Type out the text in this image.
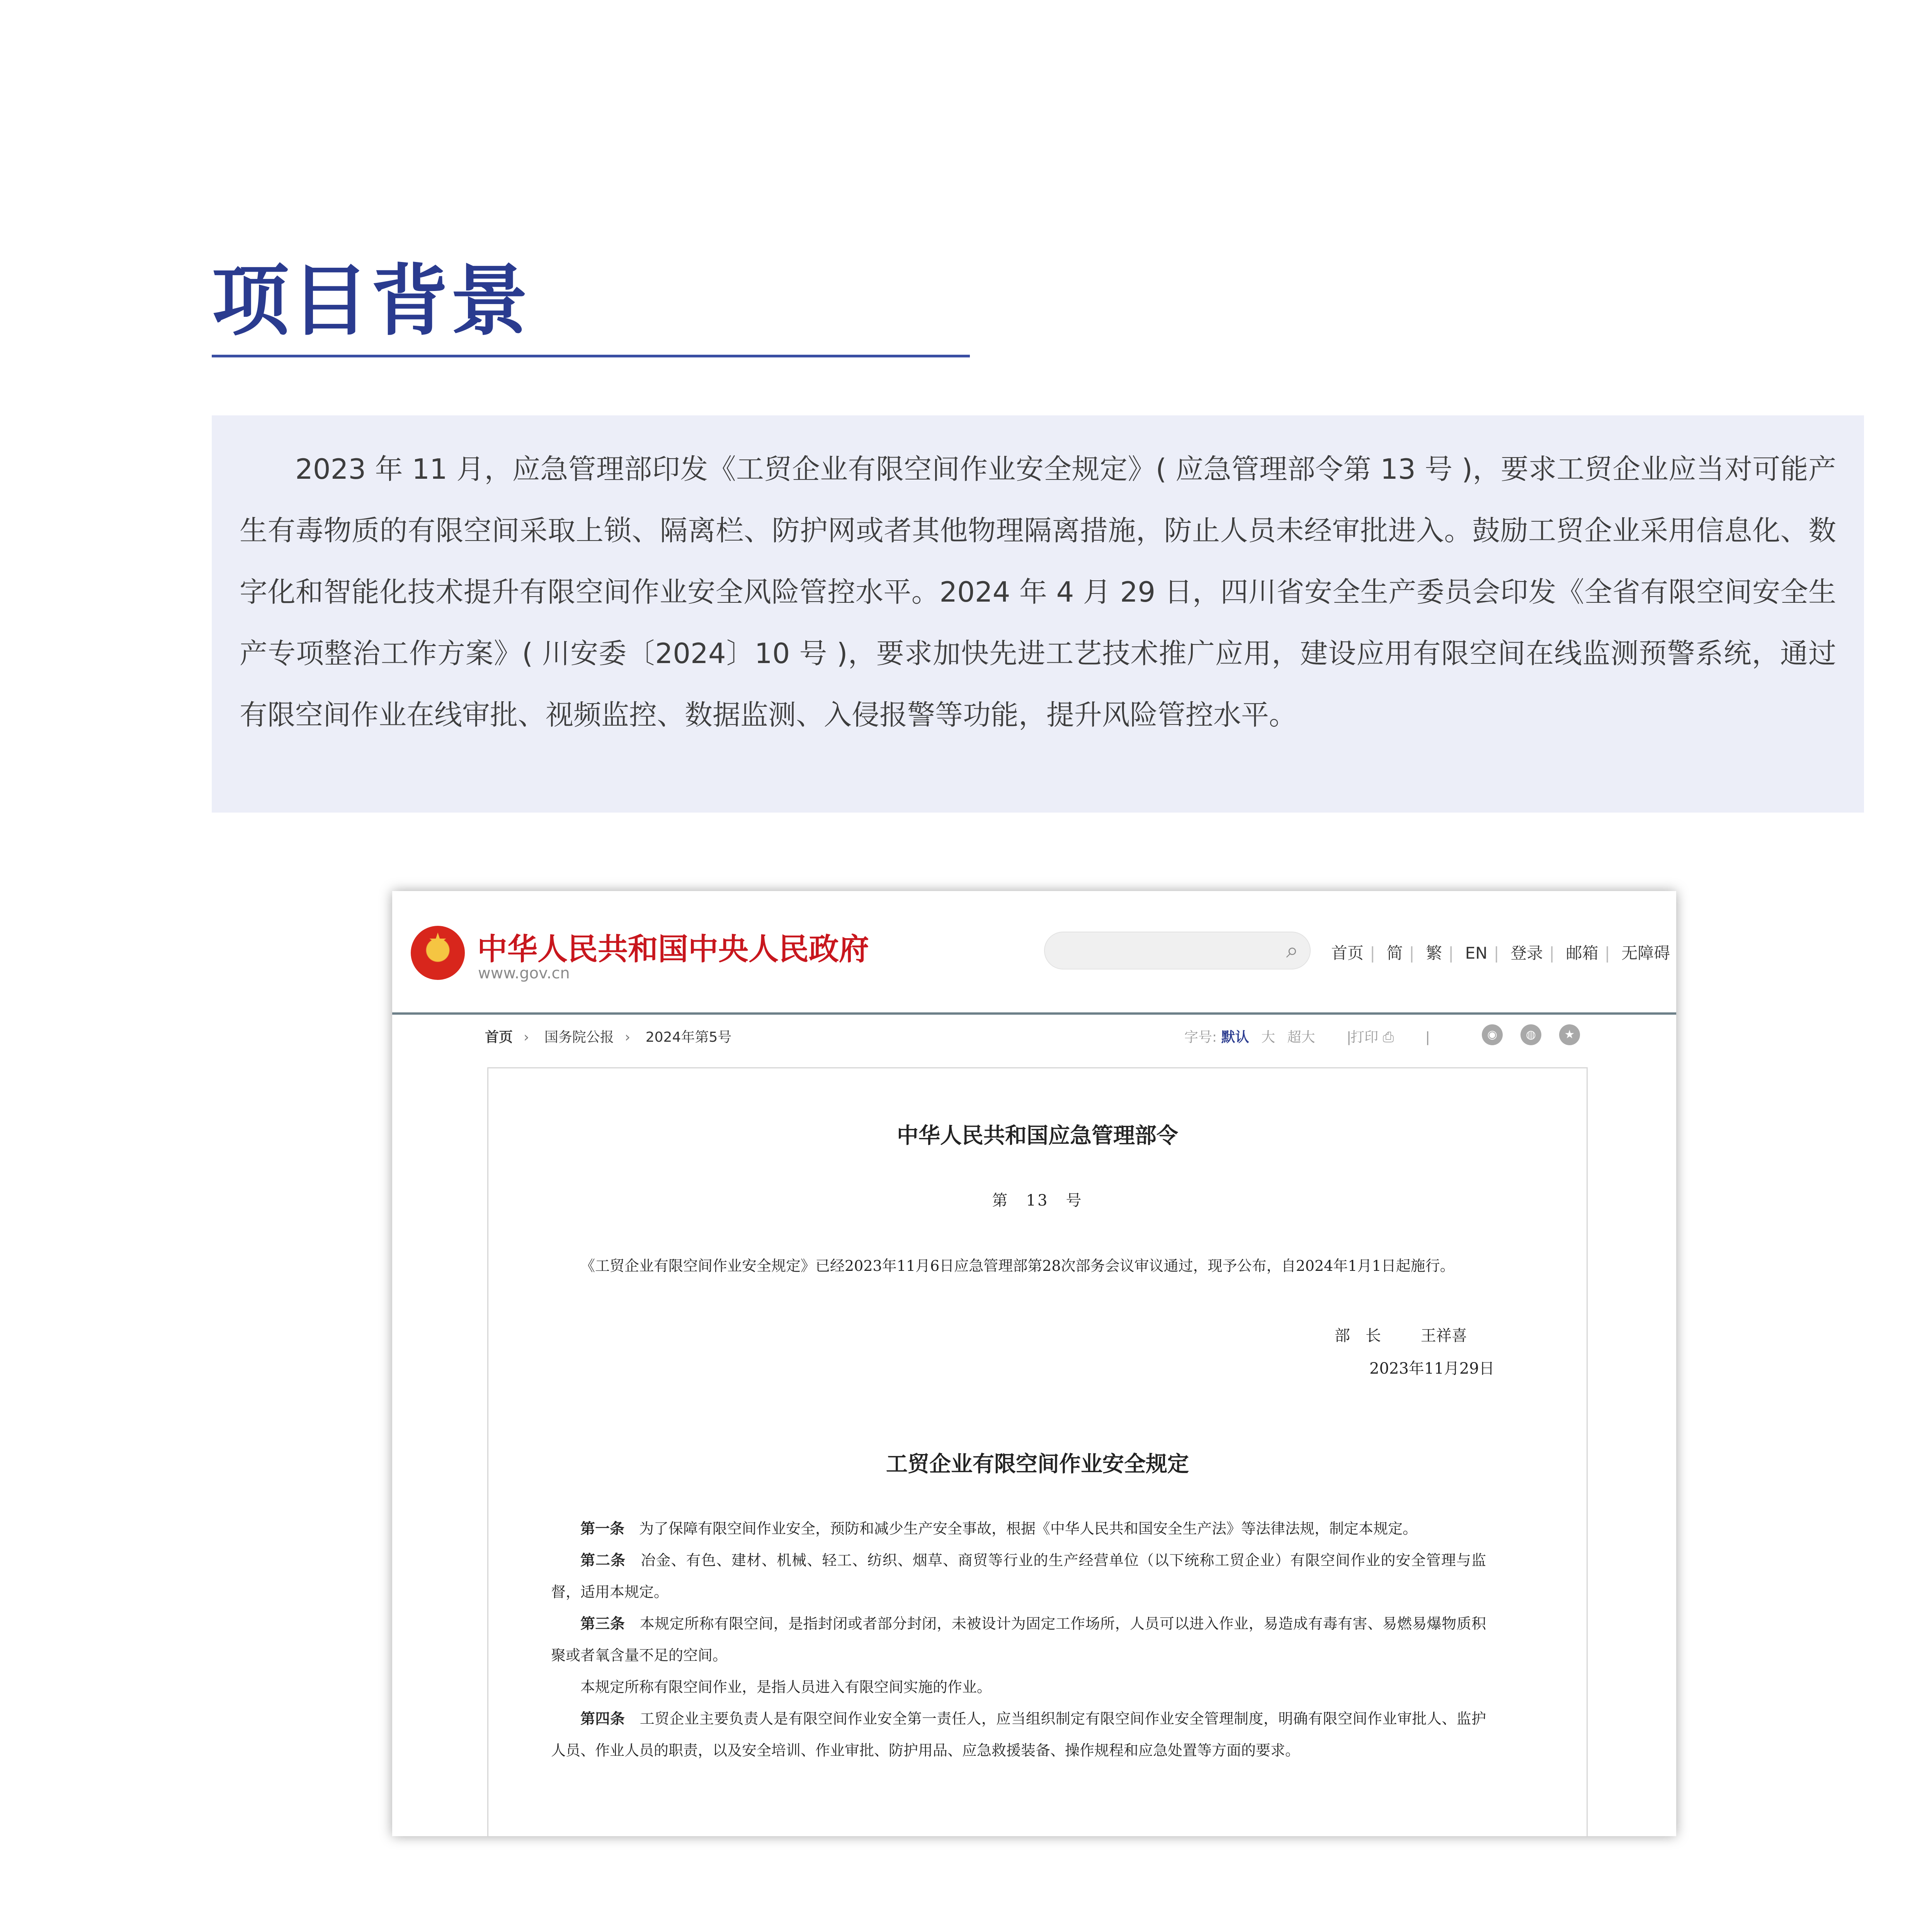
项目背景

2023 年 11 月，应急管理部印发《工贸企业有限空间作业安全规定》( 应急管理部令第 13 号 )，要求工贸企业应当对可能产生有毒物质的有限空间采取上锁、隔离栏、防护网或者其他物理隔离措施，防止人员未经审批进入。鼓励工贸企业采用信息化、数字化和智能化技术提升有限空间作业安全风险管控水平。2024 年 4 月 29 日，四川省安全生产委员会印发《全省有限空间安全生产专项整治工作方案》( 川安委〔2024〕10 号 )，要求加快先进工艺技术推广应用，建设应用有限空间在线监测预警系统，通过有限空间作业在线审批、视频监控、数据监测、入侵报警等功能，提升风险管控水平。

★
中华人民共和国中央人民政府
www.gov.cn
⌕ 首页 | 简 | 繁 | EN | 登录 | 邮箱 | 无障碍
首页 › 国务院公报 › 2024年第5号	字号: 默认 大 超大 |
打印 ⎙ |	◉	◍	★
中华人民共和国应急管理部令
第　13　号

《工贸企业有限空间作业安全规定》已经2023年11月6日应急管理部第28次部务会议审议通过，现予公布，自2024年1月1日起施行。

部　长	王祥喜
2023年11月29日
工贸企业有限空间作业安全规定

第一条　 为了保障有限空间作业安全，预防和减少生产安全事故，根据《中华人民共和国安全生产法》等法律法规，制定本规定。

第二条　 冶金、有色、建材、机械、轻工、纺织、烟草、商贸等行业的生产经营单位（以下统称工贸企业）有限空间作业的安全管理与监督，适用本规定。

第三条　 本规定所称有限空间，是指封闭或者部分封闭，未被设计为固定工作场所，人员可以进入作业，易造成有毒有害、易燃易爆物质积聚或者氧含量不足的空间。

本规定所称有限空间作业，是指人员进入有限空间实施的作业。

第四条　 工贸企业主要负责人是有限空间作业安全第一责任人，应当组织制定有限空间作业安全管理制度，明确有限空间作业审批人、监护人员、作业人员的职责，以及安全培训、作业审批、防护用品、应急救援装备、操作规程和应急处置等方面的要求。
